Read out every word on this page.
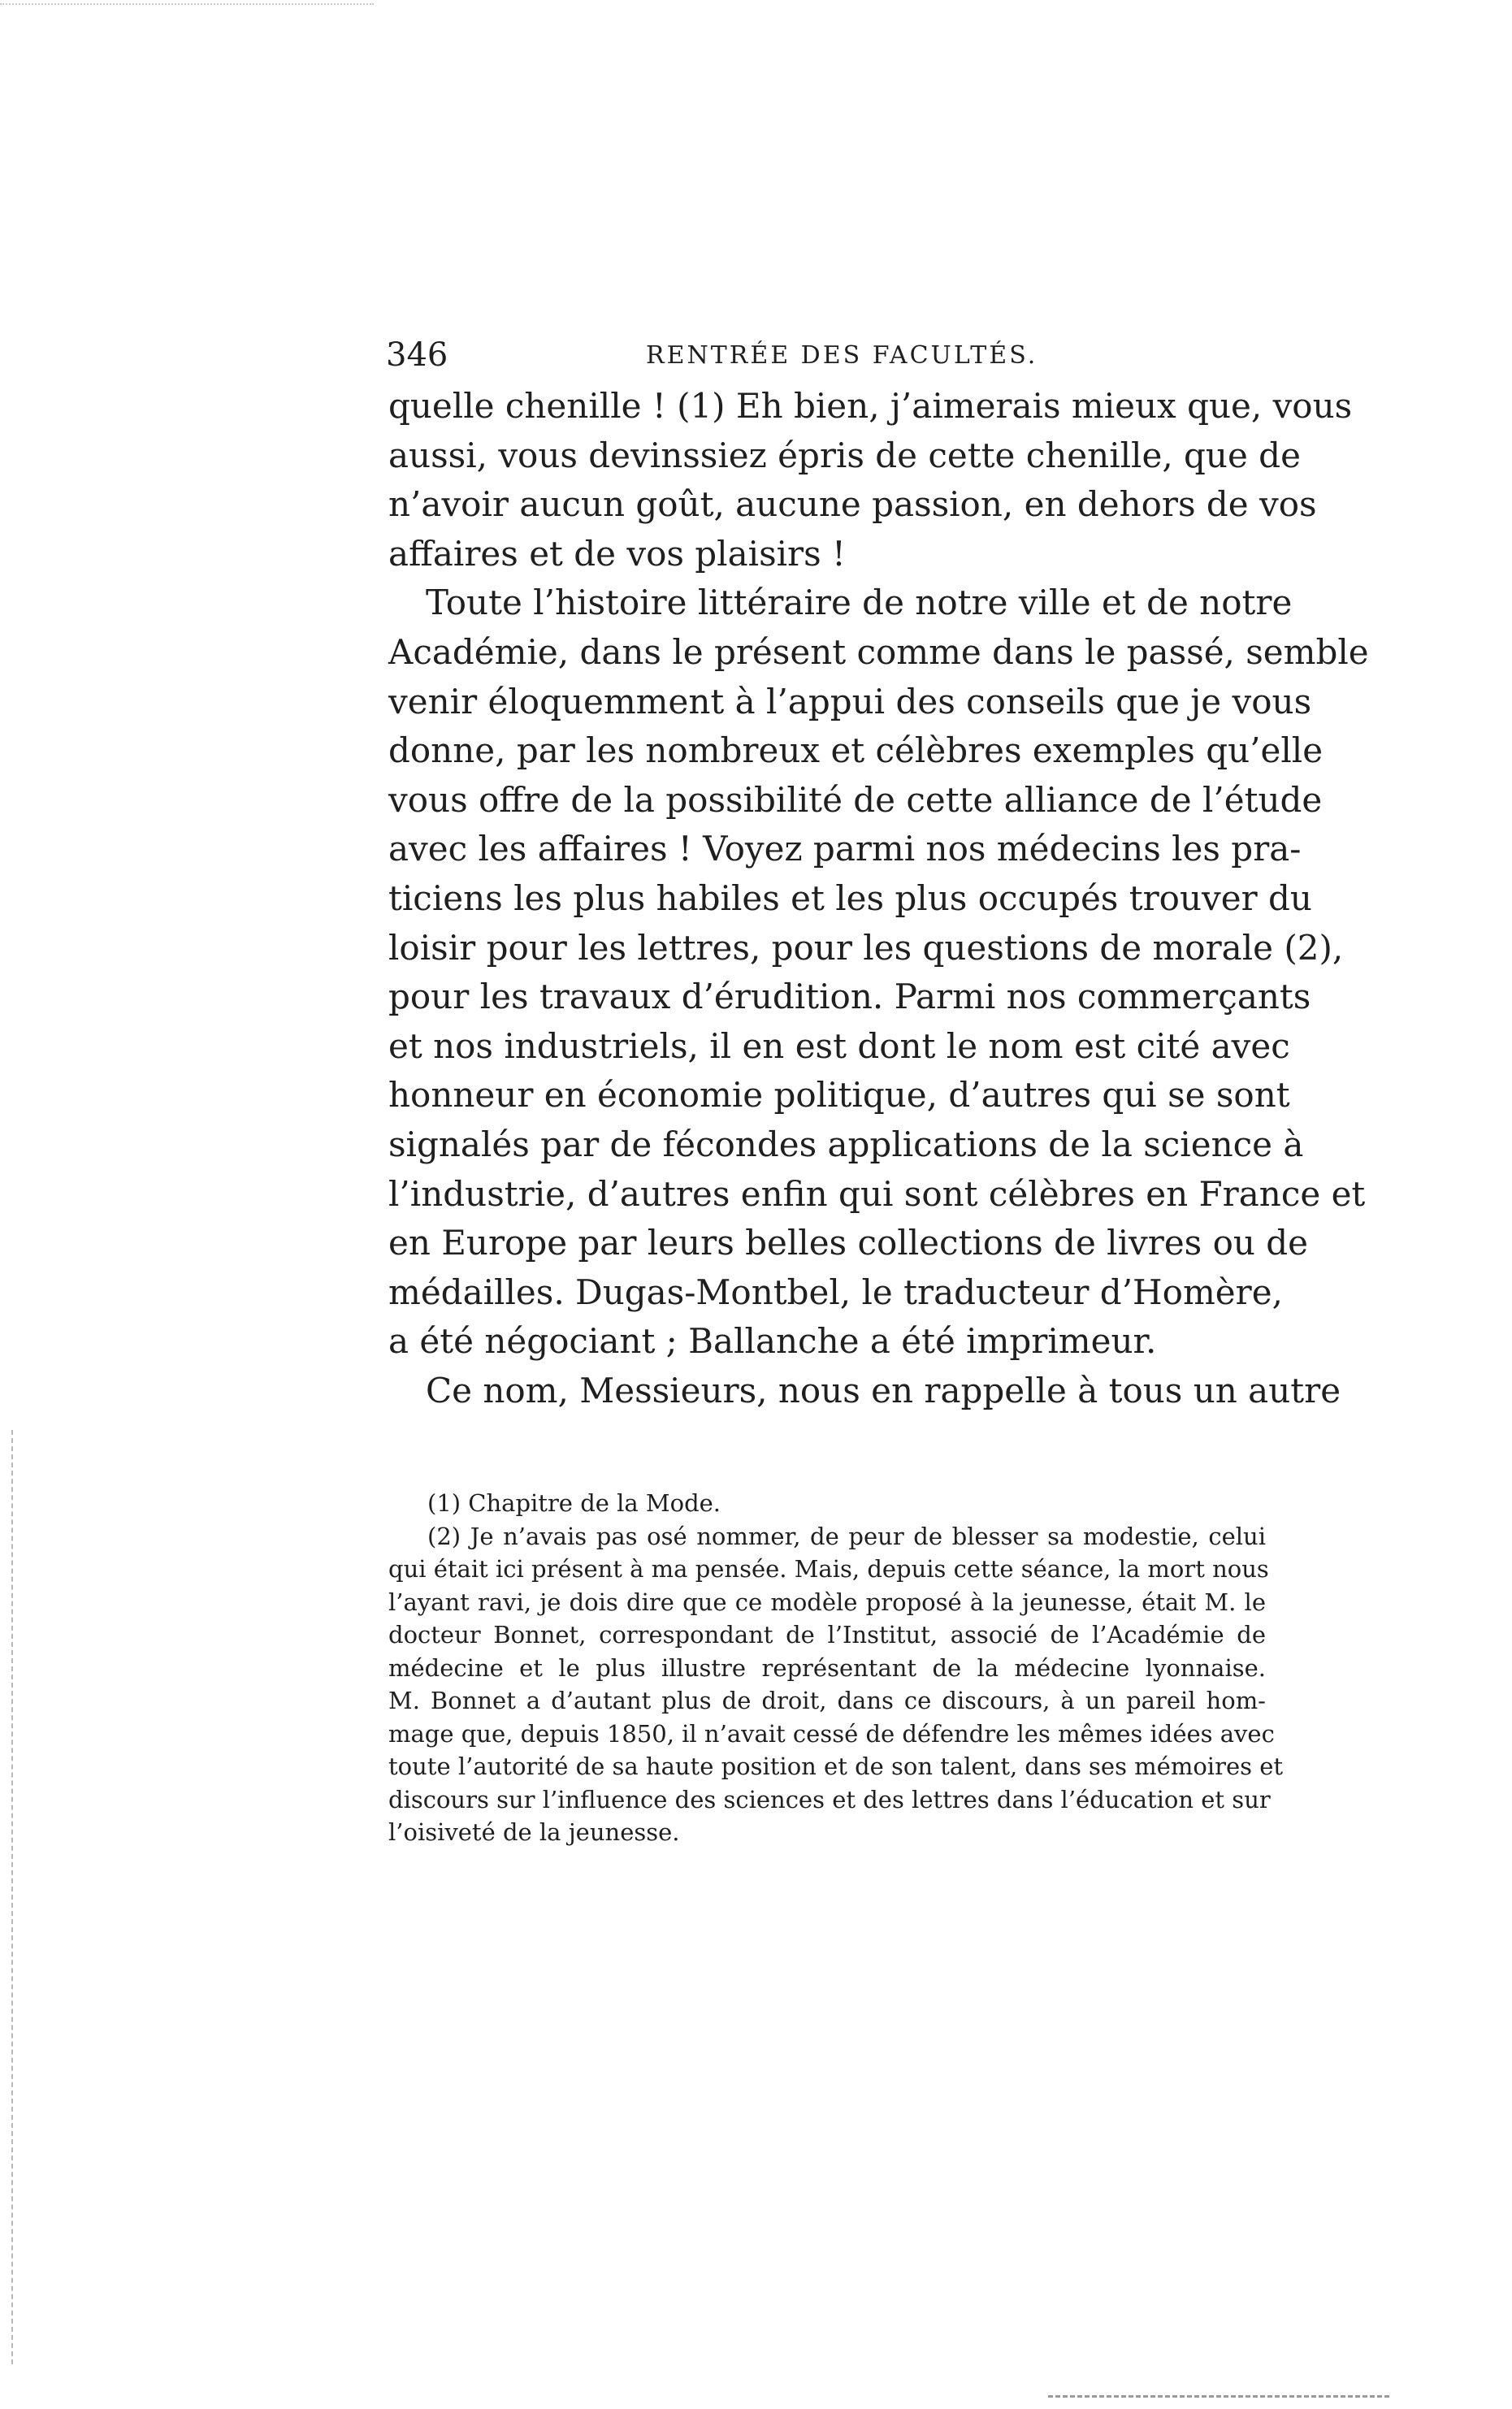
346	RENTRÉE DES FACULTÉS.
quelle chenille ! (1) Eh bien, j’aimerais mieux que, vous
aussi, vous devinssiez épris de cette chenille, que de
n’avoir aucun goût, aucune passion, en dehors de vos
affaires et de vos plaisirs !
Toute l’histoire littéraire de notre ville et de notre
Académie, dans le présent comme dans le passé, semble
venir éloquemment à l’appui des conseils que je vous
donne, par les nombreux et célèbres exemples qu’elle
vous offre de la possibilité de cette alliance de l’étude
avec les affaires ! Voyez parmi nos médecins les pra-
ticiens les plus habiles et les plus occupés trouver du
loisir pour les lettres, pour les questions de morale (2),
pour les travaux d’érudition. Parmi nos commerçants
et nos industriels, il en est dont le nom est cité avec
honneur en économie politique, d’autres qui se sont
signalés par de fécondes applications de la science à
l’industrie, d’autres enfin qui sont célèbres en France et
en Europe par leurs belles collections de livres ou de
médailles. Dugas-Montbel, le traducteur d’Homère,
a été négociant ; Ballanche a été imprimeur.
Ce nom, Messieurs, nous en rappelle à tous un autre
(1) Chapitre de la Mode.
(2) Je n’avais pas osé nommer, de peur de blesser sa modestie, celui
qui était ici présent à ma pensée. Mais, depuis cette séance, la mort nous
l’ayant ravi, je dois dire que ce modèle proposé à la jeunesse, était M. le
docteur Bonnet, correspondant de l’Institut, associé de l’Académie de
médecine et le plus illustre représentant de la médecine lyonnaise.
M. Bonnet a d’autant plus de droit, dans ce discours, à un pareil hom-
mage que, depuis 1850, il n’avait cessé de défendre les mêmes idées avec
toute l’autorité de sa haute position et de son talent, dans ses mémoires et
discours sur l’influence des sciences et des lettres dans l’éducation et sur
l’oisiveté de la jeunesse.
